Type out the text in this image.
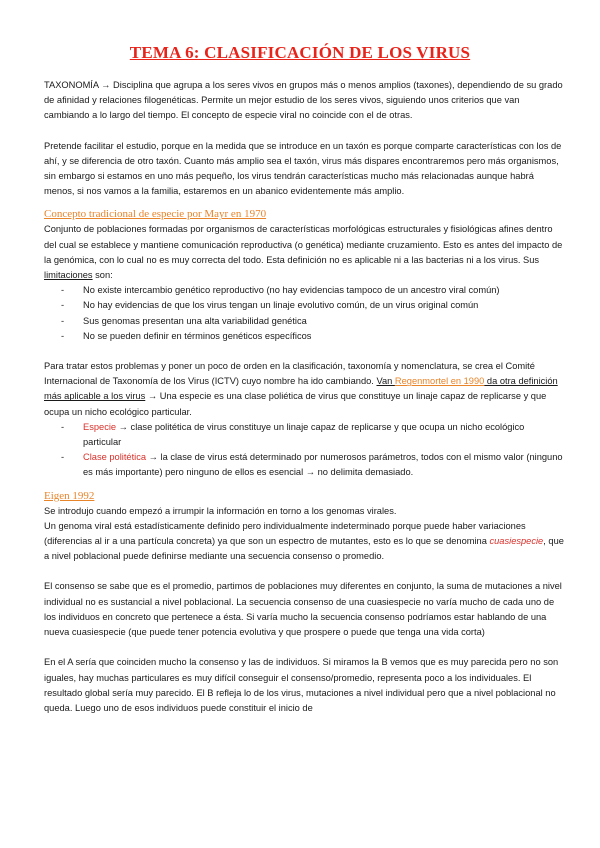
TEMA 6: CLASIFICACIÓN DE LOS VIRUS

TAXONOMÍA → Disciplina que agrupa a los seres vivos en grupos más o menos amplios (taxones), dependiendo de su grado de afinidad y relaciones filogenéticas. Permite un mejor estudio de los seres vivos, siguiendo unos criterios que van cambiando a lo largo del tiempo. El concepto de especie viral no coincide con el de otras.

Pretende facilitar el estudio, porque en la medida que se introduce en un taxón es porque comparte características con los de ahí, y se diferencia de otro taxón. Cuanto más amplio sea el taxón, virus más dispares encontraremos pero más organismos, sin embargo si estamos en uno más pequeño, los virus tendrán características mucho más relacionadas aunque habrá menos, si nos vamos a la familia, estaremos en un abanico evidentemente más amplio.

Concepto tradicional de especie por Mayr en 1970

Conjunto de poblaciones formadas por organismos de características morfológicas estructurales y fisiológicas afines dentro del cual se establece y mantiene comunicación reproductiva (o genética) mediante cruzamiento. Esto es antes del impacto de la genómica, con lo cual no es muy correcta del todo. Esta definición no es aplicable ni a las bacterias ni a los virus. Sus limitaciones son:

- No existe intercambio genético reproductivo (no hay evidencias tampoco de un ancestro viral común)
- No hay evidencias de que los virus tengan un linaje evolutivo común, de un virus original común
- Sus genomas presentan una alta variabilidad genética
- No se pueden definir en términos genéticos específicos

Para tratar estos problemas y poner un poco de orden en la clasificación, taxonomía y nomenclatura, se crea el Comité Internacional de Taxonomía de los Virus (ICTV) cuyo nombre ha ido cambiando. Van Regenmortel en 1990 da otra definición más aplicable a los virus → Una especie es una clase poliética de virus que constituye un linaje capaz de replicarse y que ocupa un nicho ecológico particular.

- Especie → clase politética de virus constituye un linaje capaz de replicarse y que ocupa un nicho ecológico particular
- Clase politética → la clase de virus está determinado por numerosos parámetros, todos con el mismo valor (ninguno es más importante) pero ninguno de ellos es esencial → no delimita demasiado.

Eigen 1992

Se introdujo cuando empezó a irrumpir la información en torno a los genomas virales.

Un genoma viral está estadísticamente definido pero individualmente indeterminado porque puede haber variaciones (diferencias al ir a una partícula concreta) ya que son un espectro de mutantes, esto es lo que se denomina cuasiespecie, que a nivel poblacional puede definirse mediante una secuencia consenso o promedio.

El consenso se sabe que es el promedio, partimos de poblaciones muy diferentes en conjunto, la suma de mutaciones a nivel individual no es sustancial a nivel poblacional. La secuencia consenso de una cuasiespecie no varía mucho de cada uno de los individuos en concreto que pertenece a ésta. Si varía mucho la secuencia consenso podríamos estar hablando de una nueva cuasiespecie (que puede tener potencia evolutiva y que prospere o puede que tenga una vida corta)

En el A sería que coinciden mucho la consenso y las de individuos. Si miramos la B vemos que es muy parecida pero no son iguales, hay muchas particulares es muy difícil conseguir el consenso/promedio, representa poco a los individuales. El resultado global sería muy parecido. El B refleja lo de los virus, mutaciones a nivel individual pero que a nivel poblacional no queda. Luego uno de esos individuos puede constituir el inicio de
